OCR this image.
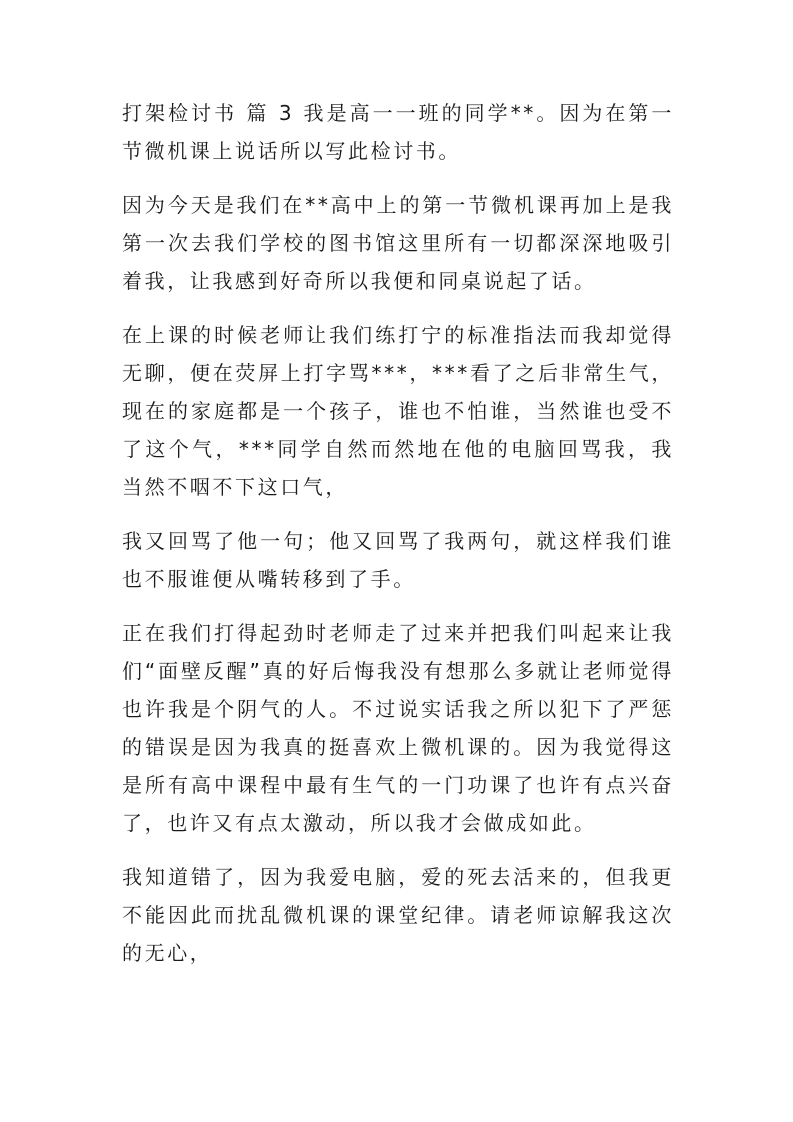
打架检讨书 篇 3 我是高一一班的同学**。因为在第一节微机课上说话所以写此检讨书。

因为今天是我们在**高中上的第一节微机课再加上是我第一次去我们学校的图书馆这里所有一切都深深地吸引着我，让我感到好奇所以我便和同桌说起了话。

在上课的时候老师让我们练打宁的标准指法而我却觉得无聊，便在荧屏上打字骂***，***看了之后非常生气，现在的家庭都是一个孩子，谁也不怕谁，当然谁也受不了这个气，***同学自然而然地在他的电脑回骂我，我当然不咽不下这口气，

我又回骂了他一句；他又回骂了我两句，就这样我们谁也不服谁便从嘴转移到了手。

正在我们打得起劲时老师走了过来并把我们叫起来让我们“面壁反醒”真的好后悔我没有想那么多就让老师觉得也许我是个阴气的人。不过说实话我之所以犯下了严惩的错误是因为我真的挺喜欢上微机课的。因为我觉得这是所有高中课程中最有生气的一门功课了也许有点兴奋了，也许又有点太激动，所以我才会做成如此。

我知道错了，因为我爱电脑，爱的死去活来的，但我更不能因此而扰乱微机课的课堂纪律。请老师谅解我这次的无心，
